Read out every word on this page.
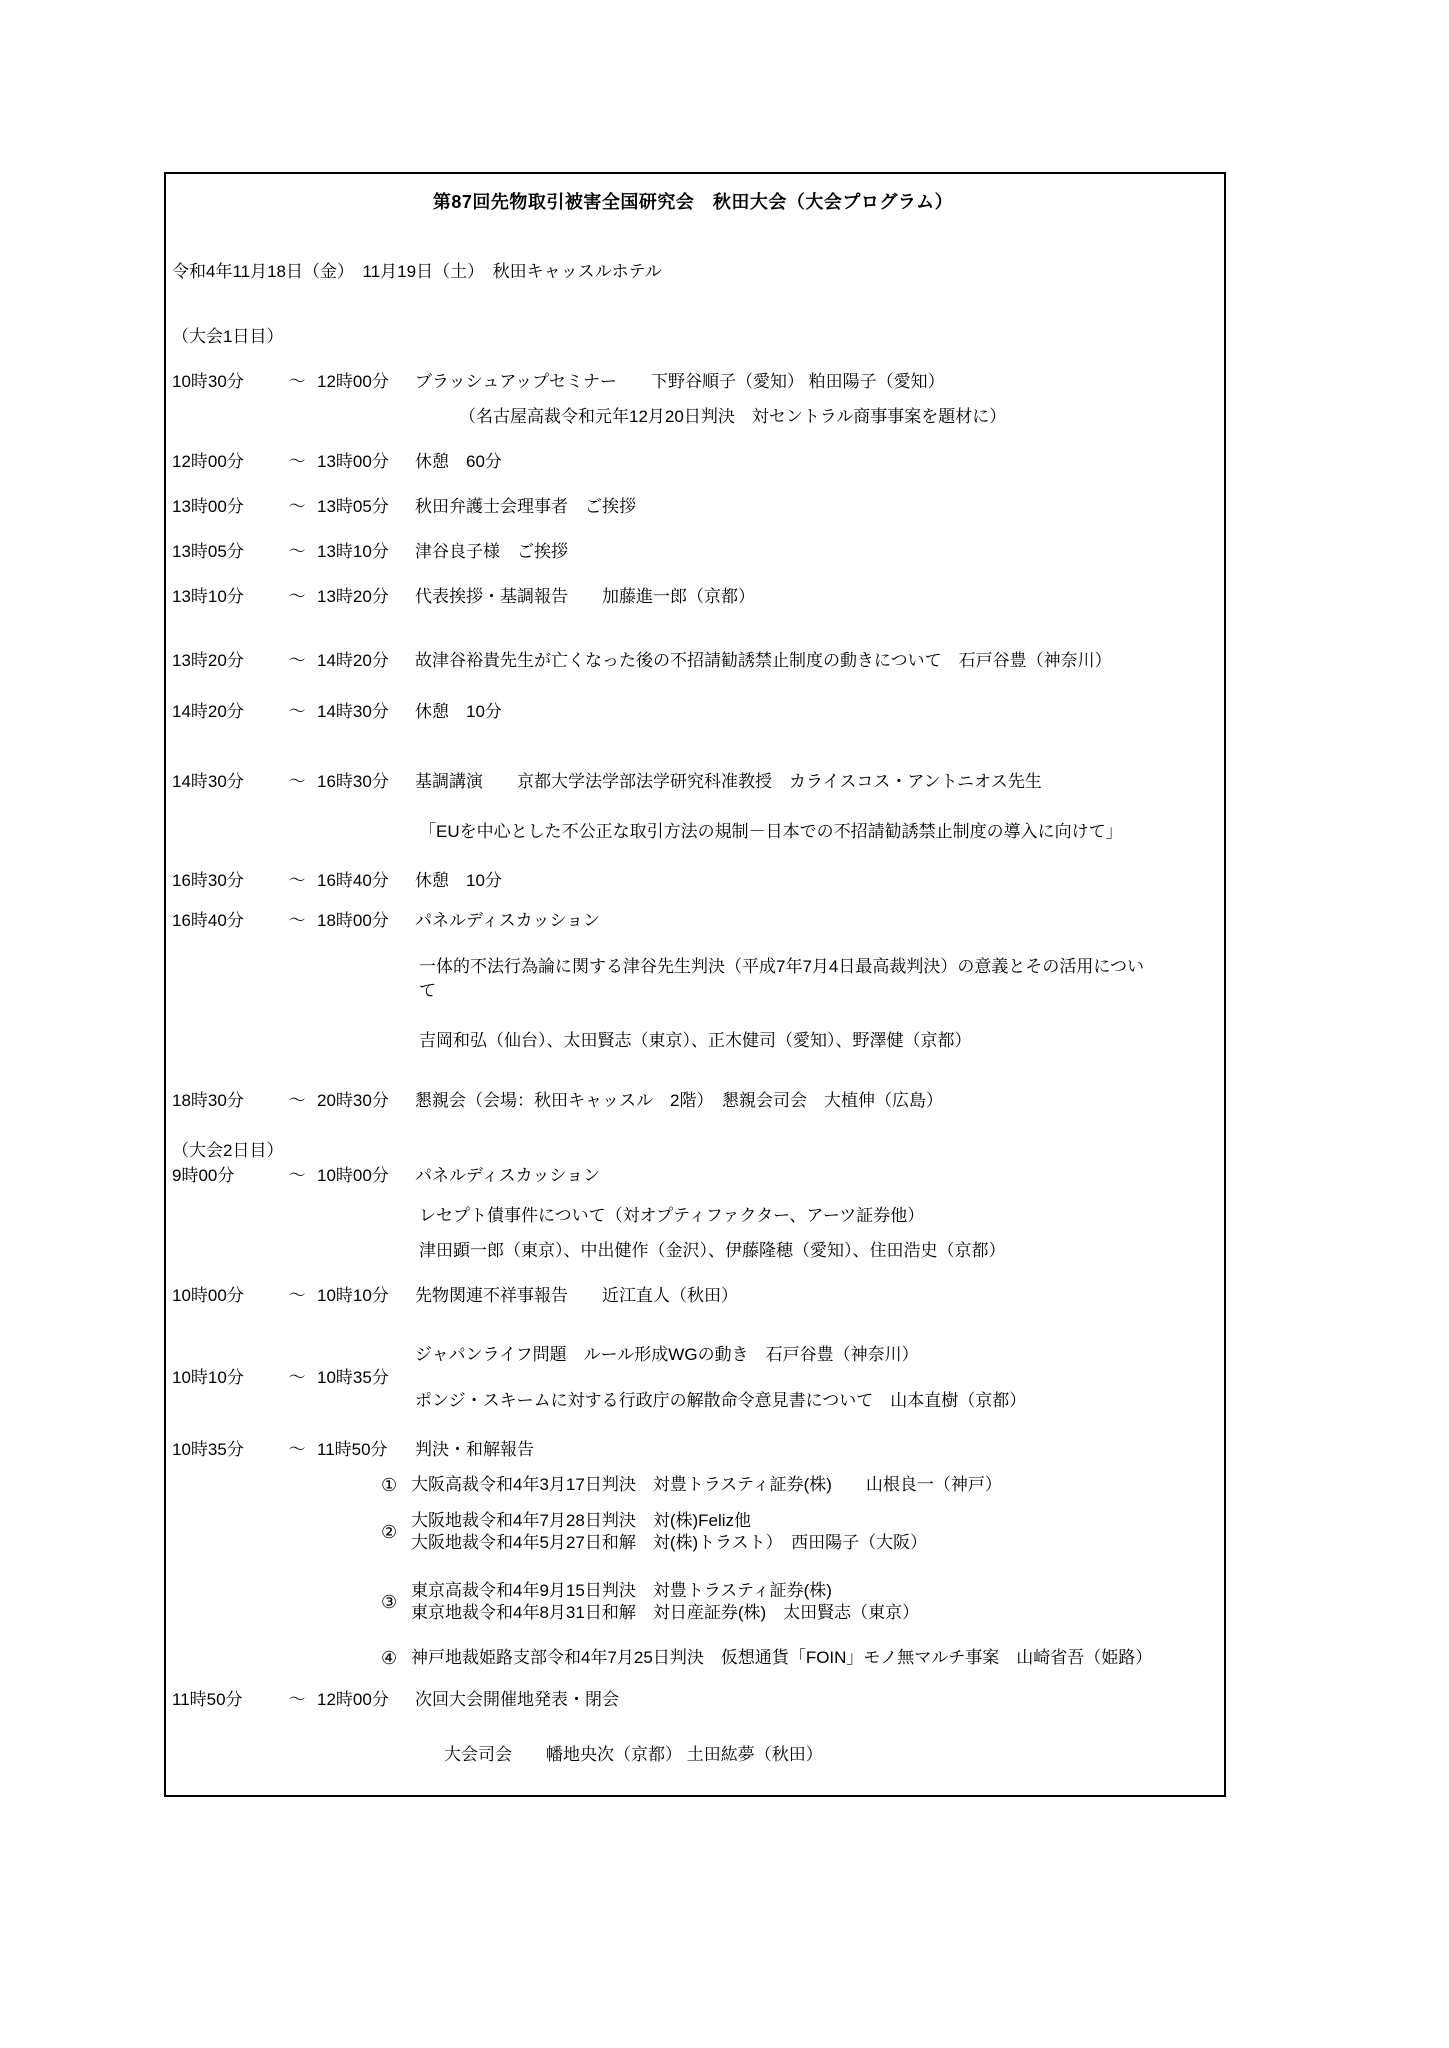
第87回先物取引被害全国研究会　秋田大会（大会プログラム）
令和4年11月18日（金）　11月19日（土）　秋田キャッスルホテル
（大会1日目）
10時30分	～ 12時00分	ブラッシュアップセミナー　　下野谷順子（愛知） 粕田陽子（愛知）
（名古屋高裁令和元年12月20日判決　対セントラル商事事案を題材に）
12時00分	～ 13時00分	休憩　60分
13時00分	～ 13時05分	秋田弁護士会理事者　ご挨拶
13時05分	～ 13時10分	津谷良子様　ご挨拶
13時10分	～ 13時20分	代表挨拶・基調報告　　加藤進一郎（京都）
13時20分	～ 14時20分	故津谷裕貴先生が亡くなった後の不招請勧誘禁止制度の動きについて　石戸谷豊（神奈川）
14時20分	～ 14時30分	休憩　10分
14時30分	～ 16時30分	基調講演　　京都大学法学部法学研究科准教授　カライスコス・アントニオス先生
「EUを中心とした不公正な取引方法の規制－日本での不招請勧誘禁止制度の導入に向けて」
16時30分	～ 16時40分	休憩　10分
16時40分	～ 18時00分	パネルディスカッション
一体的不法行為論に関する津谷先生判決（平成7年7月4日最高裁判決）の意義とその活用につい
て
吉岡和弘（仙台）、太田賢志（東京）、正木健司（愛知）、野澤健（京都）
18時30分	～ 20時30分	懇親会（会場：秋田キャッスル　2階）　懇親会司会　大植伸（広島）
（大会2日目）
9時00分	～ 10時00分	パネルディスカッション
レセプト債事件について（対オプティファクター、アーツ証券他）
津田顕一郎（東京）、中出健作（金沢）、伊藤隆穂（愛知）、住田浩史（京都）
10時00分	～ 10時10分	先物関連不祥事報告　　近江直人（秋田）
10時10分	～ 10時35分
ジャパンライフ問題　ルール形成WGの動き　石戸谷豊（神奈川）
ポンジ・スキームに対する行政庁の解散命令意見書について　山本直樹（京都）
10時35分	～ 11時50分	判決・和解報告
① 大阪高裁令和4年3月17日判決　対豊トラスティ証券(株)　　山根良一（神戸）
②
大阪地裁令和4年7月28日判決　対(株)Feliz他
大阪地裁令和4年5月27日和解　対(株)トラスト）　西田陽子（大阪）
③
東京高裁令和4年9月15日判決　対豊トラスティ証券(株)
東京地裁令和4年8月31日和解　対日産証券(株)　太田賢志（東京）
④ 神戸地裁姫路支部令和4年7月25日判決　仮想通貨「FOIN」モノ無マルチ事案　山崎省吾（姫路）
11時50分	～ 12時00分	次回大会開催地発表・閉会
大会司会　　幡地央次（京都） 土田紘夢（秋田）
